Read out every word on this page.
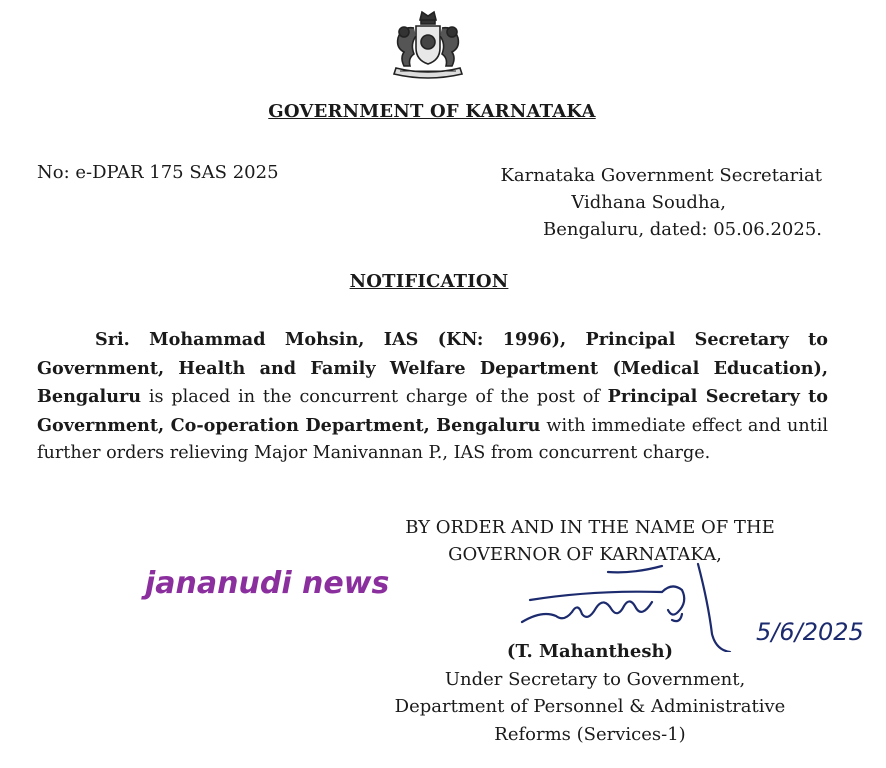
GOVERNMENT OF KARNATAKA
No: e-DPAR 175 SAS 2025	Karnataka Government Secretariat
Vidhana Soudha,
Bengaluru, dated: 05.06.2025.
NOTIFICATION
Sri. Mohammad Mohsin, IAS (KN: 1996), Principal Secretary to Government, Health and Family Welfare Department (Medical Education), Bengaluru is placed in the concurrent charge of the post of Principal Secretary to Government, Co-operation Department, Bengaluru with immediate effect and until further orders relieving Major Manivannan P., IAS from concurrent charge.
BY ORDER AND IN THE NAME OF THE
GOVERNOR OF KARNATAKA,
jananudi news
5/6/2025
(T. Mahanthesh)
Under Secretary to Government,
Department of Personnel & Administrative
Reforms (Services-1)
